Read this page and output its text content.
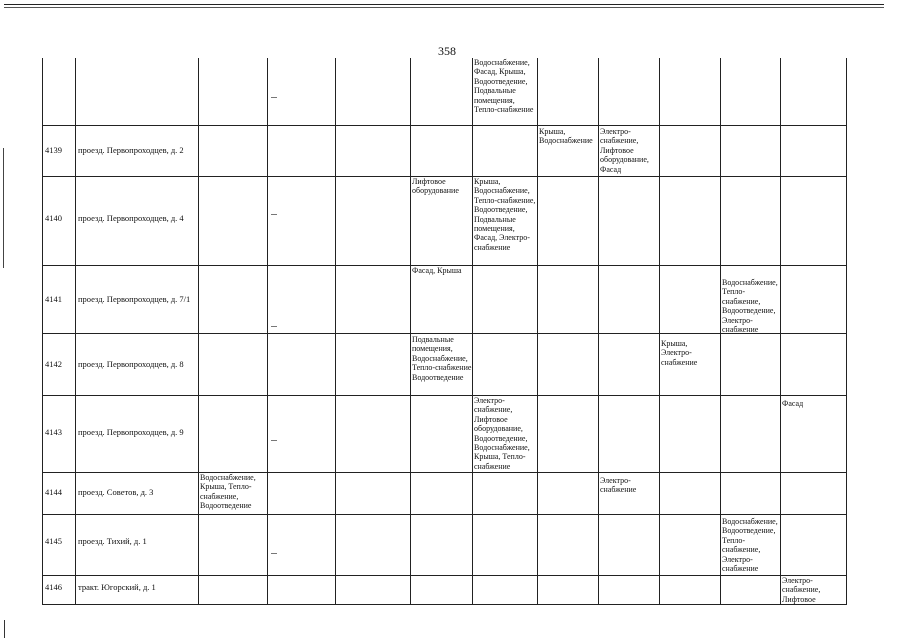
358
Водоснабжение, Фасад, Крыша, Водоотведение, Подвальные помещения, Тепло-снабжение
4139 проезд. Первопроходцев, д. 2
Крыша, Водоснабжение
Электро-снабжение, Лифтовое оборудование, Фасад
4140 проезд. Первопроходцев, д. 4
Лифтовое оборудование
Крыша, Водоснабжение, Тепло-снабжение, Водоотведение, Подвальные помещения, Фасад, Электро-снабжение
4141 проезд. Первопроходцев, д. 7/1
Фасад, Крыша
Водоснабжение, Тепло-снабжение, Водоотведение, Электро-снабжение
4142 проезд. Первопроходцев, д. 8
Подвальные помещения, Водоснабжение, Тепло-снабжение Водоотведение
Крыша, Электро-снабжение
4143 проезд. Первопроходцев, д. 9
Электро-снабжение, Лифтовое оборудование, Водоотведение, Водоснабжение, Крыша, Тепло-снабжение
Фасад
4144 проезд. Советов, д. 3
Водоснабжение, Крыша, Тепло-снабжение, Водоотведение
Электро-снабжение
4145 проезд. Тихий, д. 1
Водоснабжение, Водоотведение, Тепло-снабжение, Электро-снабжение
4146 тракт. Югорский, д. 1
Электро-снабжение, Лифтовое
